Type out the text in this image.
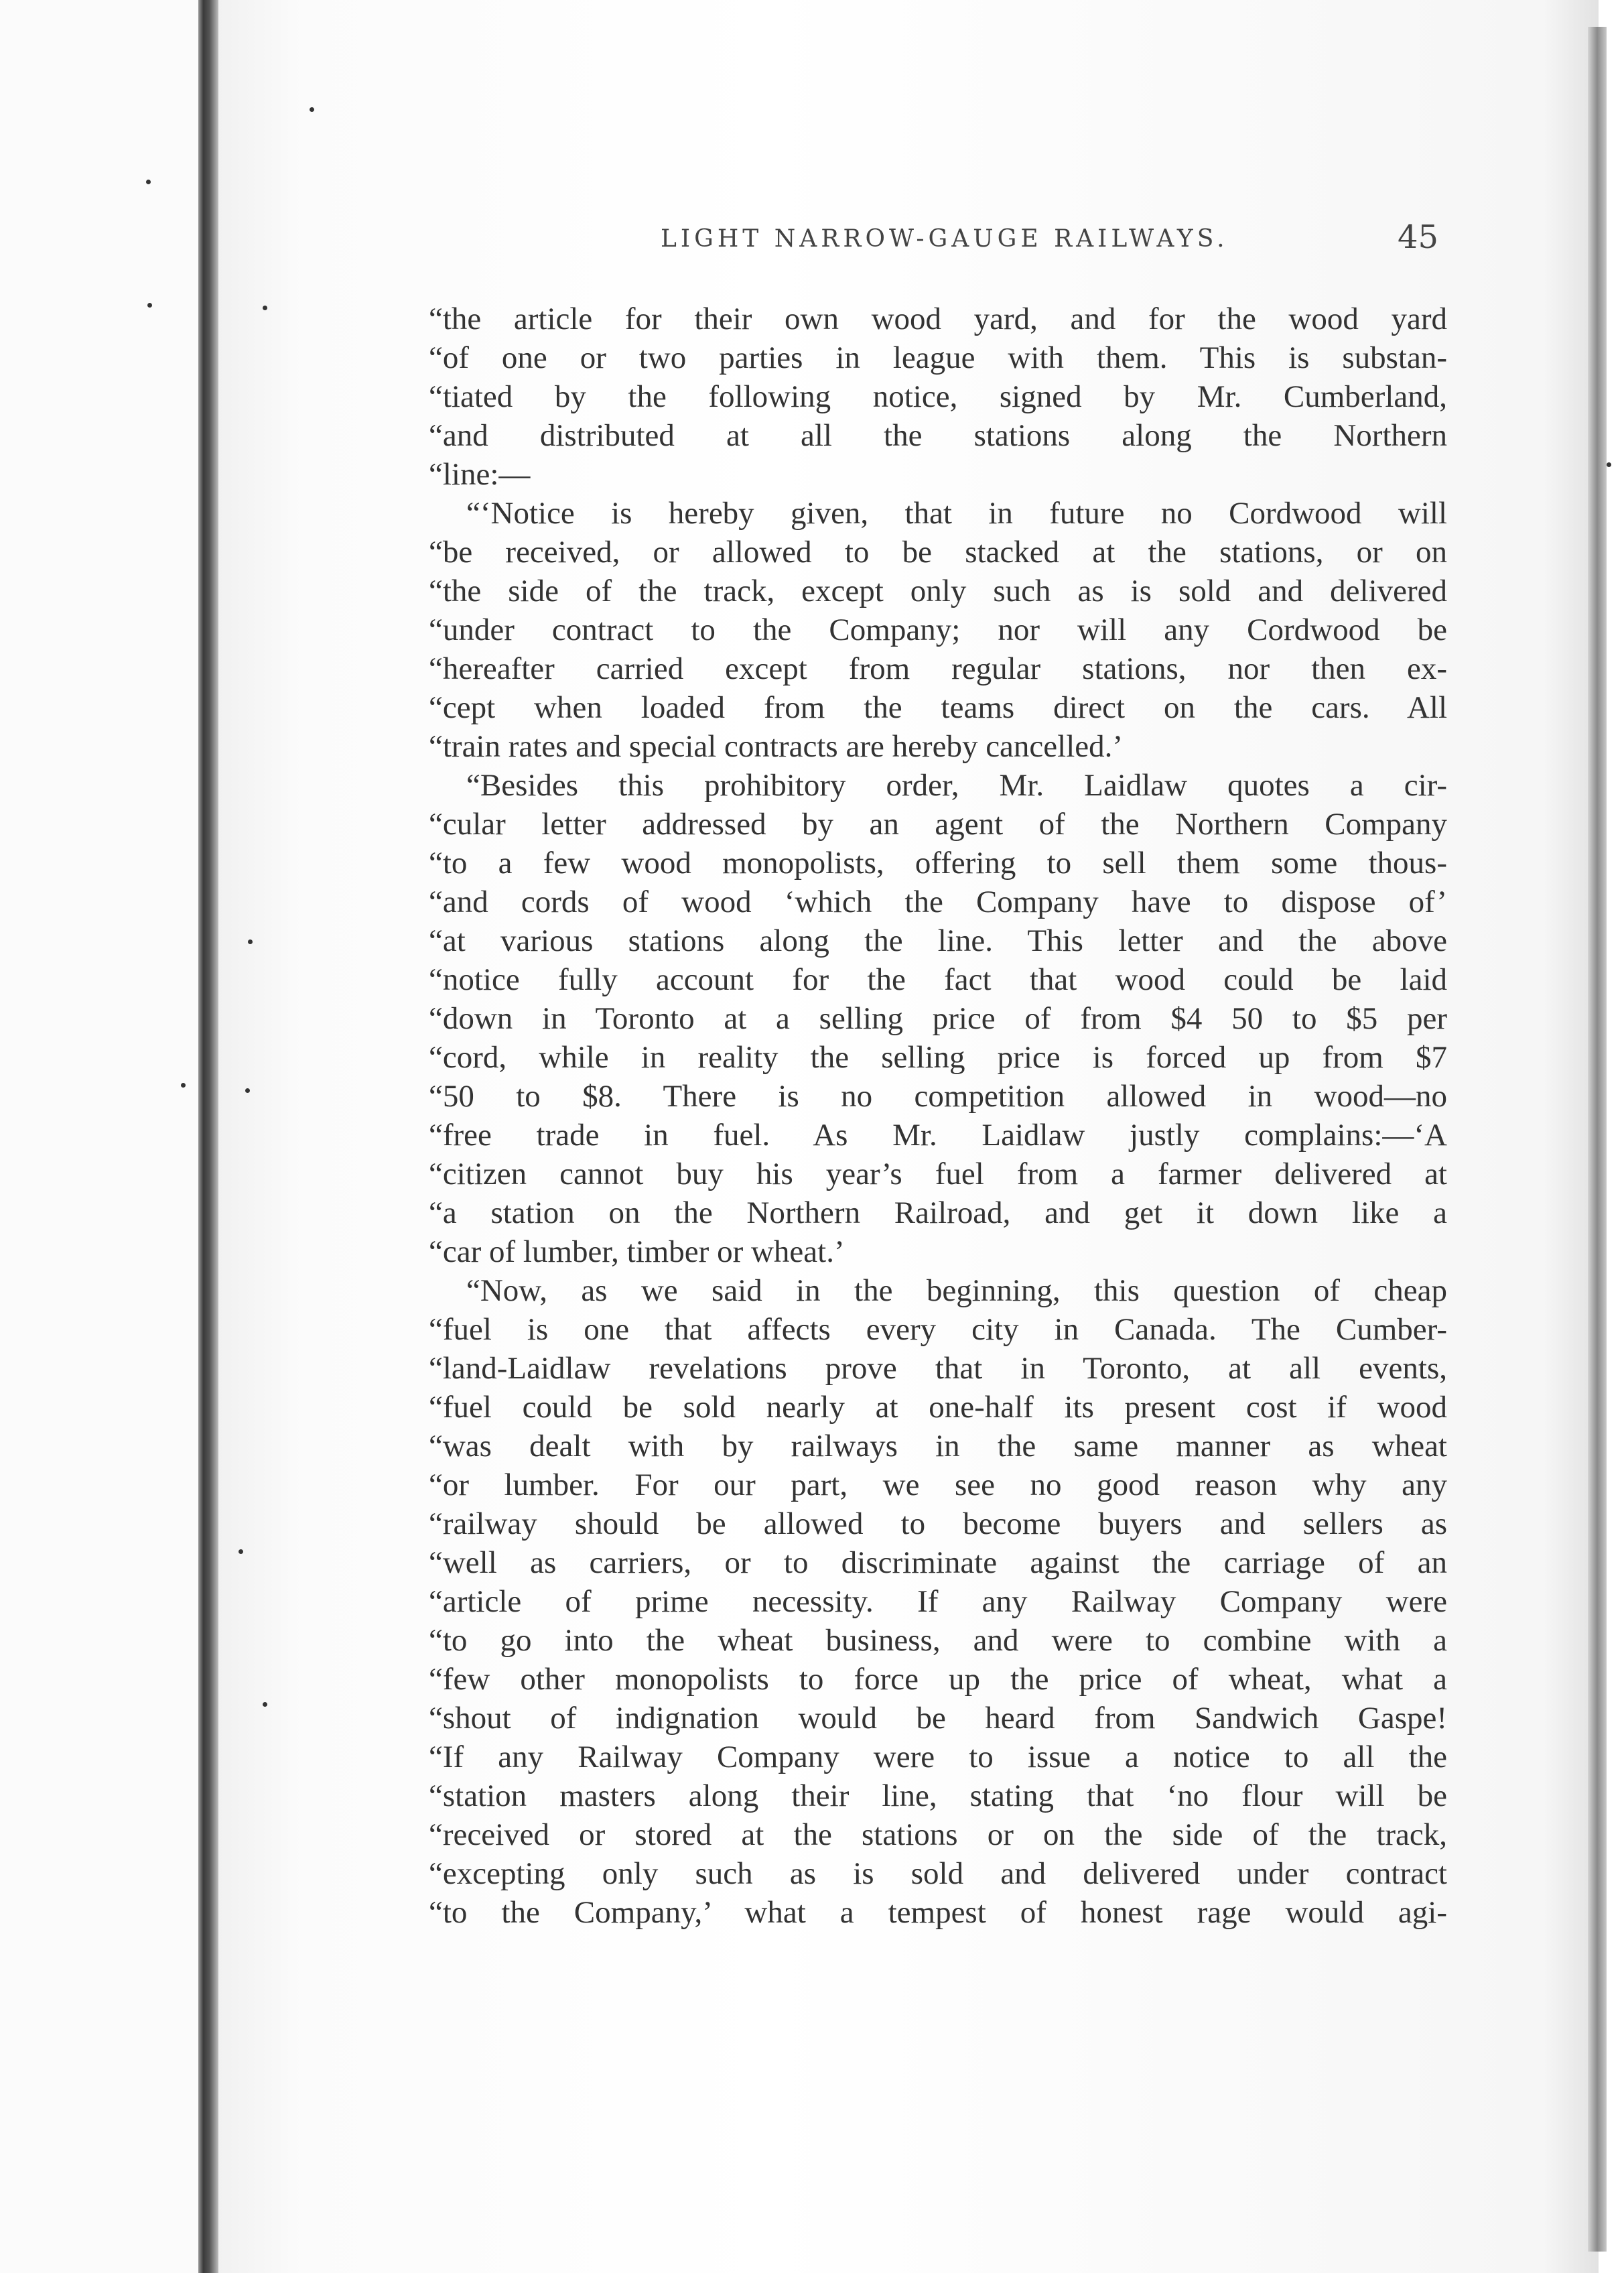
LIGHT NARROW-GAUGE RAILWAYS.	45
“the article for their own wood yard, and for the wood yard
“of one or two parties in league with them. This is substan-
“tiated by the following notice, signed by Mr. Cumberland,
“and distributed at all the stations along the Northern
“line:—
“‘Notice is hereby given, that in future no Cordwood will
“be received, or allowed to be stacked at the stations, or on
“the side of the track, except only such as is sold and delivered
“under contract to the Company; nor will any Cordwood be
“hereafter carried except from regular stations, nor then ex-
“cept when loaded from the teams direct on the cars. All
“train rates and special contracts are hereby cancelled.’
“Besides this prohibitory order, Mr. Laidlaw quotes a cir-
“cular letter addressed by an agent of the Northern Company
“to a few wood monopolists, offering to sell them some thous-
“and cords of wood ‘which the Company have to dispose of’
“at various stations along the line. This letter and the above
“notice fully account for the fact that wood could be laid
“down in Toronto at a selling price of from $4 50 to $5 per
“cord, while in reality the selling price is forced up from $7
“50 to $8. There is no competition allowed in wood—no
“free trade in fuel. As Mr. Laidlaw justly complains:—‘A
“citizen cannot buy his year’s fuel from a farmer delivered at
“a station on the Northern Railroad, and get it down like a
“car of lumber, timber or wheat.’
“Now, as we said in the beginning, this question of cheap
“fuel is one that affects every city in Canada. The Cumber-
“land-Laidlaw revelations prove that in Toronto, at all events,
“fuel could be sold nearly at one-half its present cost if wood
“was dealt with by railways in the same manner as wheat
“or lumber. For our part, we see no good reason why any
“railway should be allowed to become buyers and sellers as
“well as carriers, or to discriminate against the carriage of an
“article of prime necessity. If any Railway Company were
“to go into the wheat business, and were to combine with a
“few other monopolists to force up the price of wheat, what a
“shout of indignation would be heard from Sandwich Gaspe!
“If any Railway Company were to issue a notice to all the
“station masters along their line, stating that ‘no flour will be
“received or stored at the stations or on the side of the track,
“excepting only such as is sold and delivered under contract
“to the Company,’ what a tempest of honest rage would agi-
